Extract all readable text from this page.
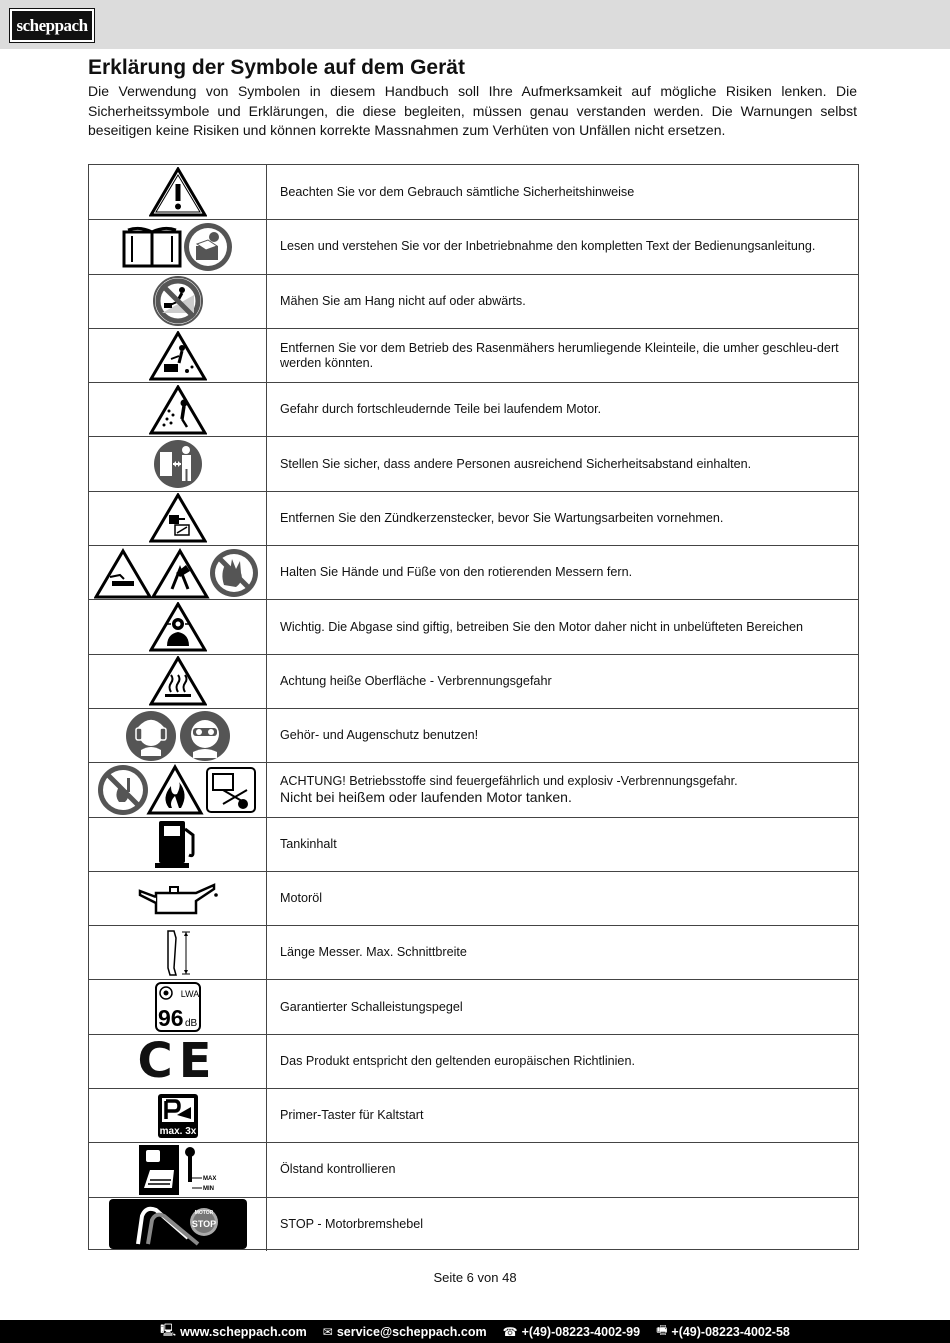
scheppach
Erklärung der Symbole auf dem Gerät
Die Verwendung von Symbolen in diesem Handbuch soll Ihre Aufmerksamkeit auf mögliche Risiken lenken. Die Sicherheitssymbole und Erklärungen, die diese begleiten, müssen genau verstanden werden. Die Warnungen selbst beseitigen keine Risiken und können korrekte Massnahmen zum Verhüten von Unfällen nicht ersetzen.
Beachten Sie vor dem Gebrauch sämtliche Sicherheitshinweise
Lesen und verstehen Sie vor der Inbetriebnahme den kompletten Text der Bedienungsanleitung.
Mähen Sie am Hang nicht auf oder abwärts.
Entfernen Sie vor dem Betrieb des Rasenmähers herumliegende Kleinteile, die umher geschleu-dert werden könnten.
Gefahr durch fortschleudernde Teile bei laufendem Motor.
Stellen Sie sicher, dass andere Personen ausreichend Sicherheitsabstand einhalten.
Entfernen Sie den Zündkerzenstecker, bevor Sie Wartungsarbeiten vornehmen.
Halten Sie Hände und Füße von den rotierenden Messern fern.
Wichtig. Die Abgase sind giftig, betreiben Sie den Motor daher nicht in unbelüfteten Bereichen
Achtung heiße Oberfläche - Verbrennungsgefahr
Gehör- und Augenschutz benutzen!
ACHTUNG! Betriebsstoffe sind feuergefährlich und explosiv -Verbrennungsgefahr.
Nicht bei heißem oder laufenden Motor tanken.
Tankinhalt
Motoröl
Länge Messer. Max. Schnittbreite
LWA
96 dB
Garantierter Schalleistungspegel
CE	Das Produkt entspricht den geltenden europäischen Richtlinien.
max. 3x
Primer-Taster für Kaltstart
MAX
MIN
Ölstand kontrollieren
MOTOR
STOP	STOP - Motorbremshebel
Seite 6 von 48
🖳 www.scheppach.com ✉ service@scheppach.com ☎ +(49)-08223-4002-99 🖷 +(49)-08223-4002-58
